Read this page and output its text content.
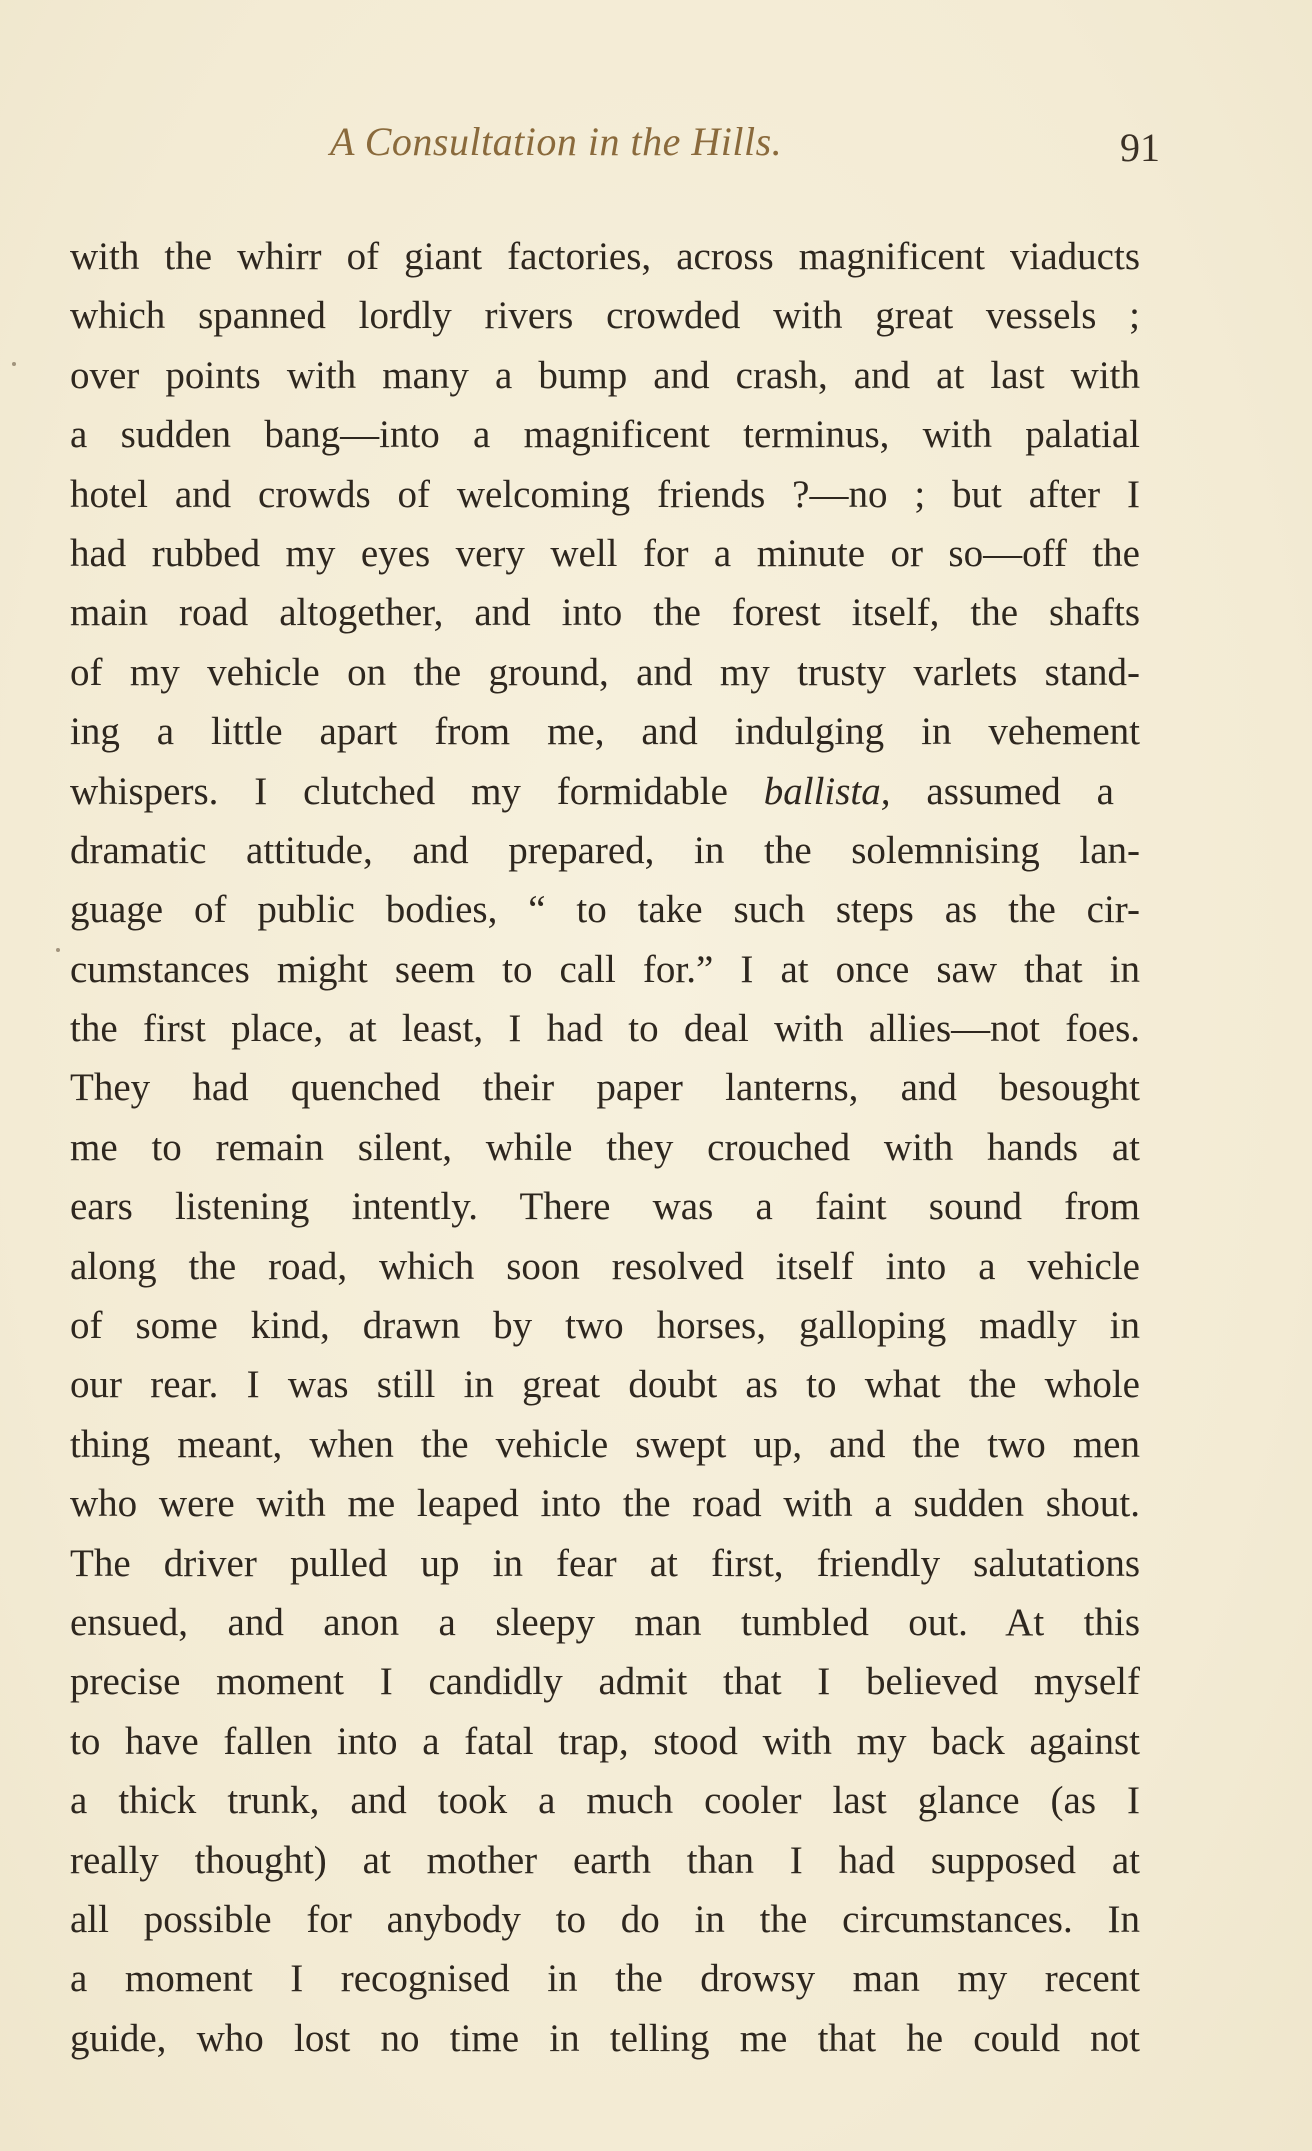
A Consultation in the Hills.	91
with the whirr of giant factories, across magnificent viaducts
which spanned lordly rivers crowded with great vessels ;
over points with many a bump and crash, and at last with
a sudden bang—into a magnificent terminus, with palatial
hotel and crowds of welcoming friends ?—no ; but after I
had rubbed my eyes very well for a minute or so—off the
main road altogether, and into the forest itself, the shafts
of my vehicle on the ground, and my trusty varlets stand-
ing a little apart from me, and indulging in vehement
whispers. I clutched my formidable ballista, assumed a
dramatic attitude, and prepared, in the solemnising lan-
guage of public bodies, “ to take such steps as the cir-
cumstances might seem to call for.” I at once saw that in
the first place, at least, I had to deal with allies—not foes.
They had quenched their paper lanterns, and besought
me to remain silent, while they crouched with hands at
ears listening intently. There was a faint sound from
along the road, which soon resolved itself into a vehicle
of some kind, drawn by two horses, galloping madly in
our rear. I was still in great doubt as to what the whole
thing meant, when the vehicle swept up, and the two men
who were with me leaped into the road with a sudden shout.
The driver pulled up in fear at first, friendly salutations
ensued, and anon a sleepy man tumbled out. At this
precise moment I candidly admit that I believed myself
to have fallen into a fatal trap, stood with my back against
a thick trunk, and took a much cooler last glance (as I
really thought) at mother earth than I had supposed at
all possible for anybody to do in the circumstances. In
a moment I recognised in the drowsy man my recent
guide, who lost no time in telling me that he could not
